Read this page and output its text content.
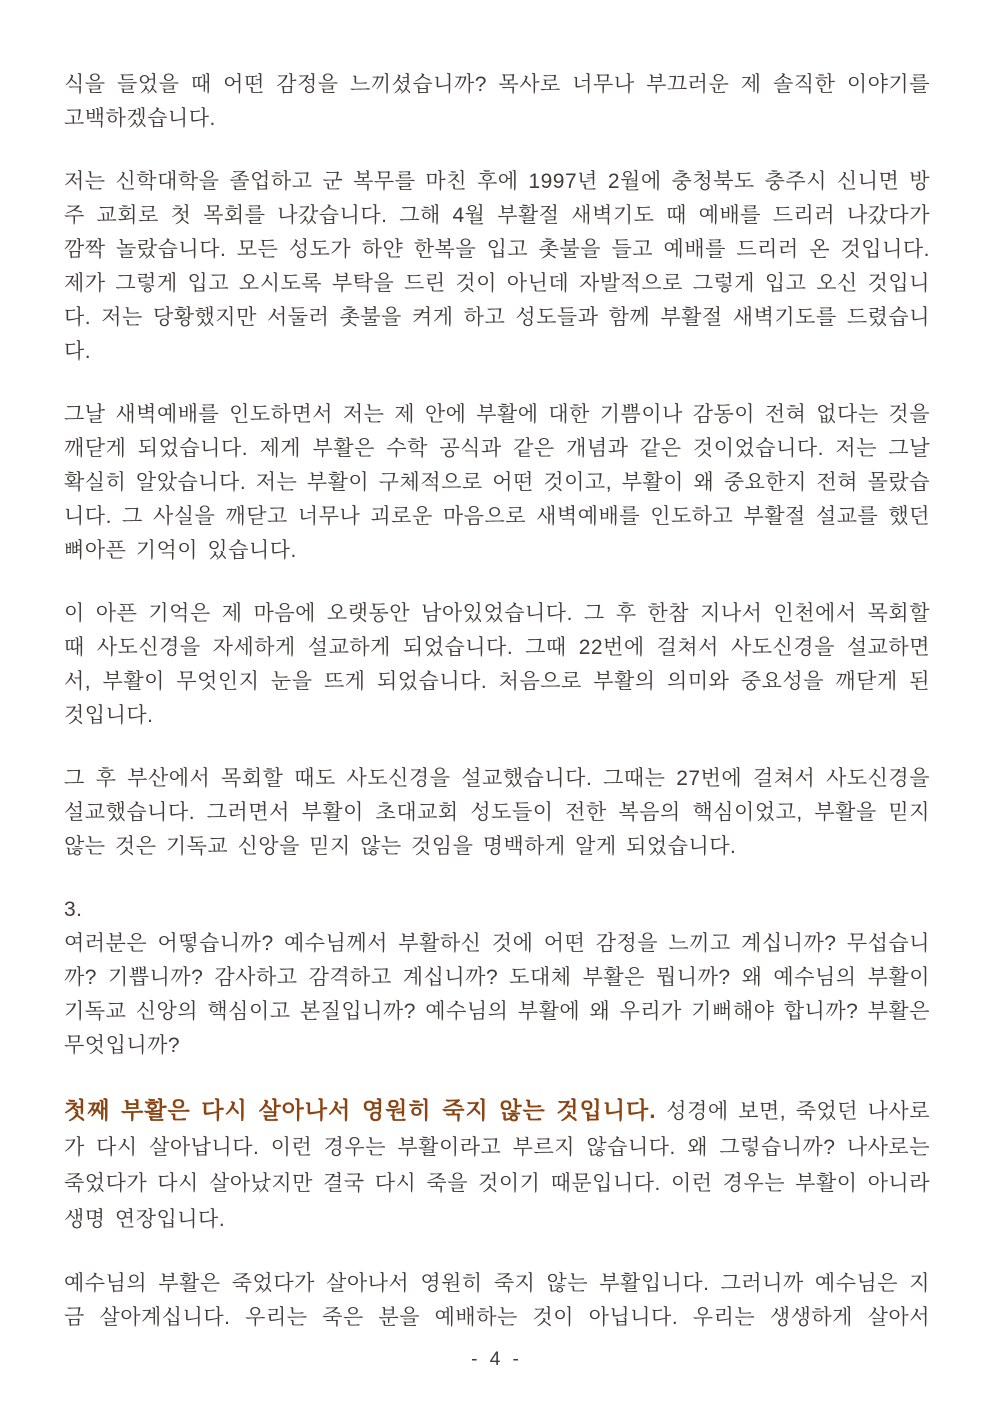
식을 들었을 때 어떤 감정을 느끼셨습니까? 목사로 너무나 부끄러운 제 솔직한 이야기를 고백하겠습니다.

저는 신학대학을 졸업하고 군 복무를 마친 후에 1997년 2월에 충청북도 충주시 신니면 방주 교회로 첫 목회를 나갔습니다. 그해 4월 부활절 새벽기도 때 예배를 드리러 나갔다가 깜짝 놀랐습니다. 모든 성도가 하얀 한복을 입고 촛불을 들고 예배를 드리러 온 것입니다. 제가 그렇게 입고 오시도록 부탁을 드린 것이 아닌데 자발적으로 그렇게 입고 오신 것입니다. 저는 당황했지만 서둘러 촛불을 켜게 하고 성도들과 함께 부활절 새벽기도를 드렸습니다.

그날 새벽예배를 인도하면서 저는 제 안에 부활에 대한 기쁨이나 감동이 전혀 없다는 것을 깨닫게 되었습니다. 제게 부활은 수학 공식과 같은 개념과 같은 것이었습니다. 저는 그날 확실히 알았습니다. 저는 부활이 구체적으로 어떤 것이고, 부활이 왜 중요한지 전혀 몰랐습니다. 그 사실을 깨닫고 너무나 괴로운 마음으로 새벽예배를 인도하고 부활절 설교를 했던 뼈아픈 기억이 있습니다.

이 아픈 기억은 제 마음에 오랫동안 남아있었습니다. 그 후 한참 지나서 인천에서 목회할 때 사도신경을 자세하게 설교하게 되었습니다. 그때 22번에 걸쳐서 사도신경을 설교하면서, 부활이 무엇인지 눈을 뜨게 되었습니다. 처음으로 부활의 의미와 중요성을 깨닫게 된 것입니다.

그 후 부산에서 목회할 때도 사도신경을 설교했습니다. 그때는 27번에 걸쳐서 사도신경을 설교했습니다. 그러면서 부활이 초대교회 성도들이 전한 복음의 핵심이었고, 부활을 믿지 않는 것은 기독교 신앙을 믿지 않는 것임을 명백하게 알게 되었습니다.

3.

여러분은 어떻습니까? 예수님께서 부활하신 것에 어떤 감정을 느끼고 계십니까? 무섭습니까? 기쁩니까? 감사하고 감격하고 계십니까? 도대체 부활은 뭡니까? 왜 예수님의 부활이 기독교 신앙의 핵심이고 본질입니까? 예수님의 부활에 왜 우리가 기뻐해야 합니까? 부활은 무엇입니까?

첫째 부활은 다시 살아나서 영원히 죽지 않는 것입니다. 성경에 보면, 죽었던 나사로가 다시 살아납니다. 이런 경우는 부활이라고 부르지 않습니다. 왜 그렇습니까? 나사로는 죽었다가 다시 살아났지만 결국 다시 죽을 것이기 때문입니다. 이런 경우는 부활이 아니라 생명 연장입니다.

예수님의 부활은 죽었다가 살아나서 영원히 죽지 않는 부활입니다. 그러니까 예수님은 지금 살아계십니다. 우리는 죽은 분을 예배하는 것이 아닙니다. 우리는 생생하게 살아서

- 4 -
